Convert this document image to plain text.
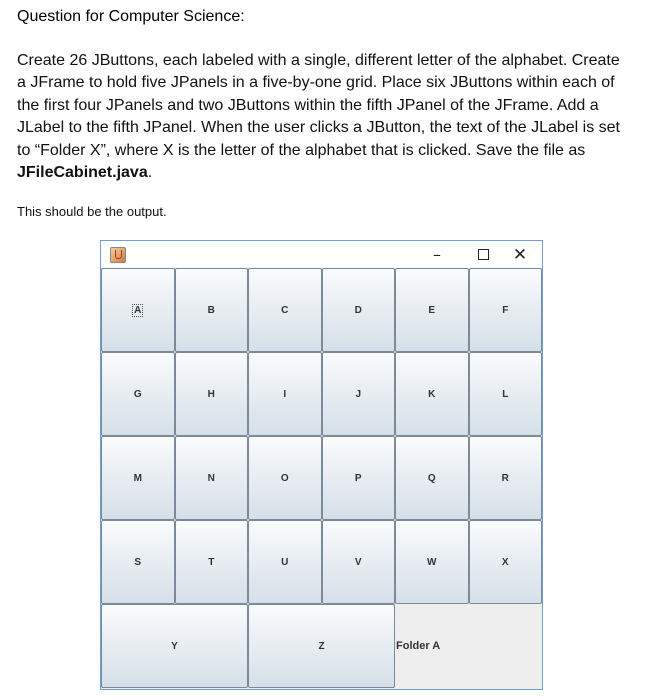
Question for Computer Science:

Create 26 JButtons, each labeled with a single, different letter of the alphabet. Create a JFrame to hold five JPanels in a five-by-one grid. Place six JButtons within each of the first four JPanels and two JButtons within the fifth JPanel of the JFrame. Add a JLabel to the fifth JPanel. When the user clicks a JButton, the text of the JLabel is set to “Folder X”, where X is the letter of the alphabet that is clicked. Save the file as JFileCabinet.java.

This should be the output.
–	✕
A	B	C	D	E	F
G	H	I	J	K	L
M	N	O	P	Q	R
S	T	U	V	W	X
Y	Z	Folder A
